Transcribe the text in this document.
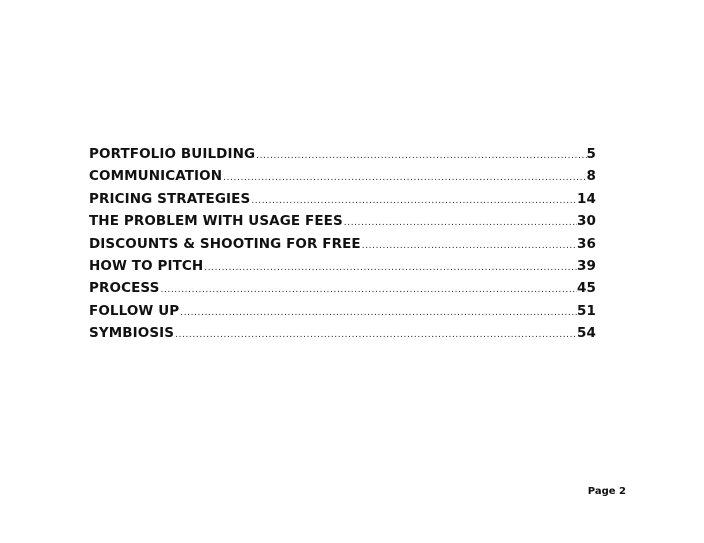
PORTFOLIO BUILDING .....	5
COMMUNICATION .....	8
PRICING STRATEGIES .....	14
THE PROBLEM WITH USAGE FEES .....	30
DISCOUNTS & SHOOTING FOR FREE .....	36
HOW TO PITCH .....	39
PROCESS .....	45
FOLLOW UP .....	51
SYMBIOSIS .....	54
Page 2
